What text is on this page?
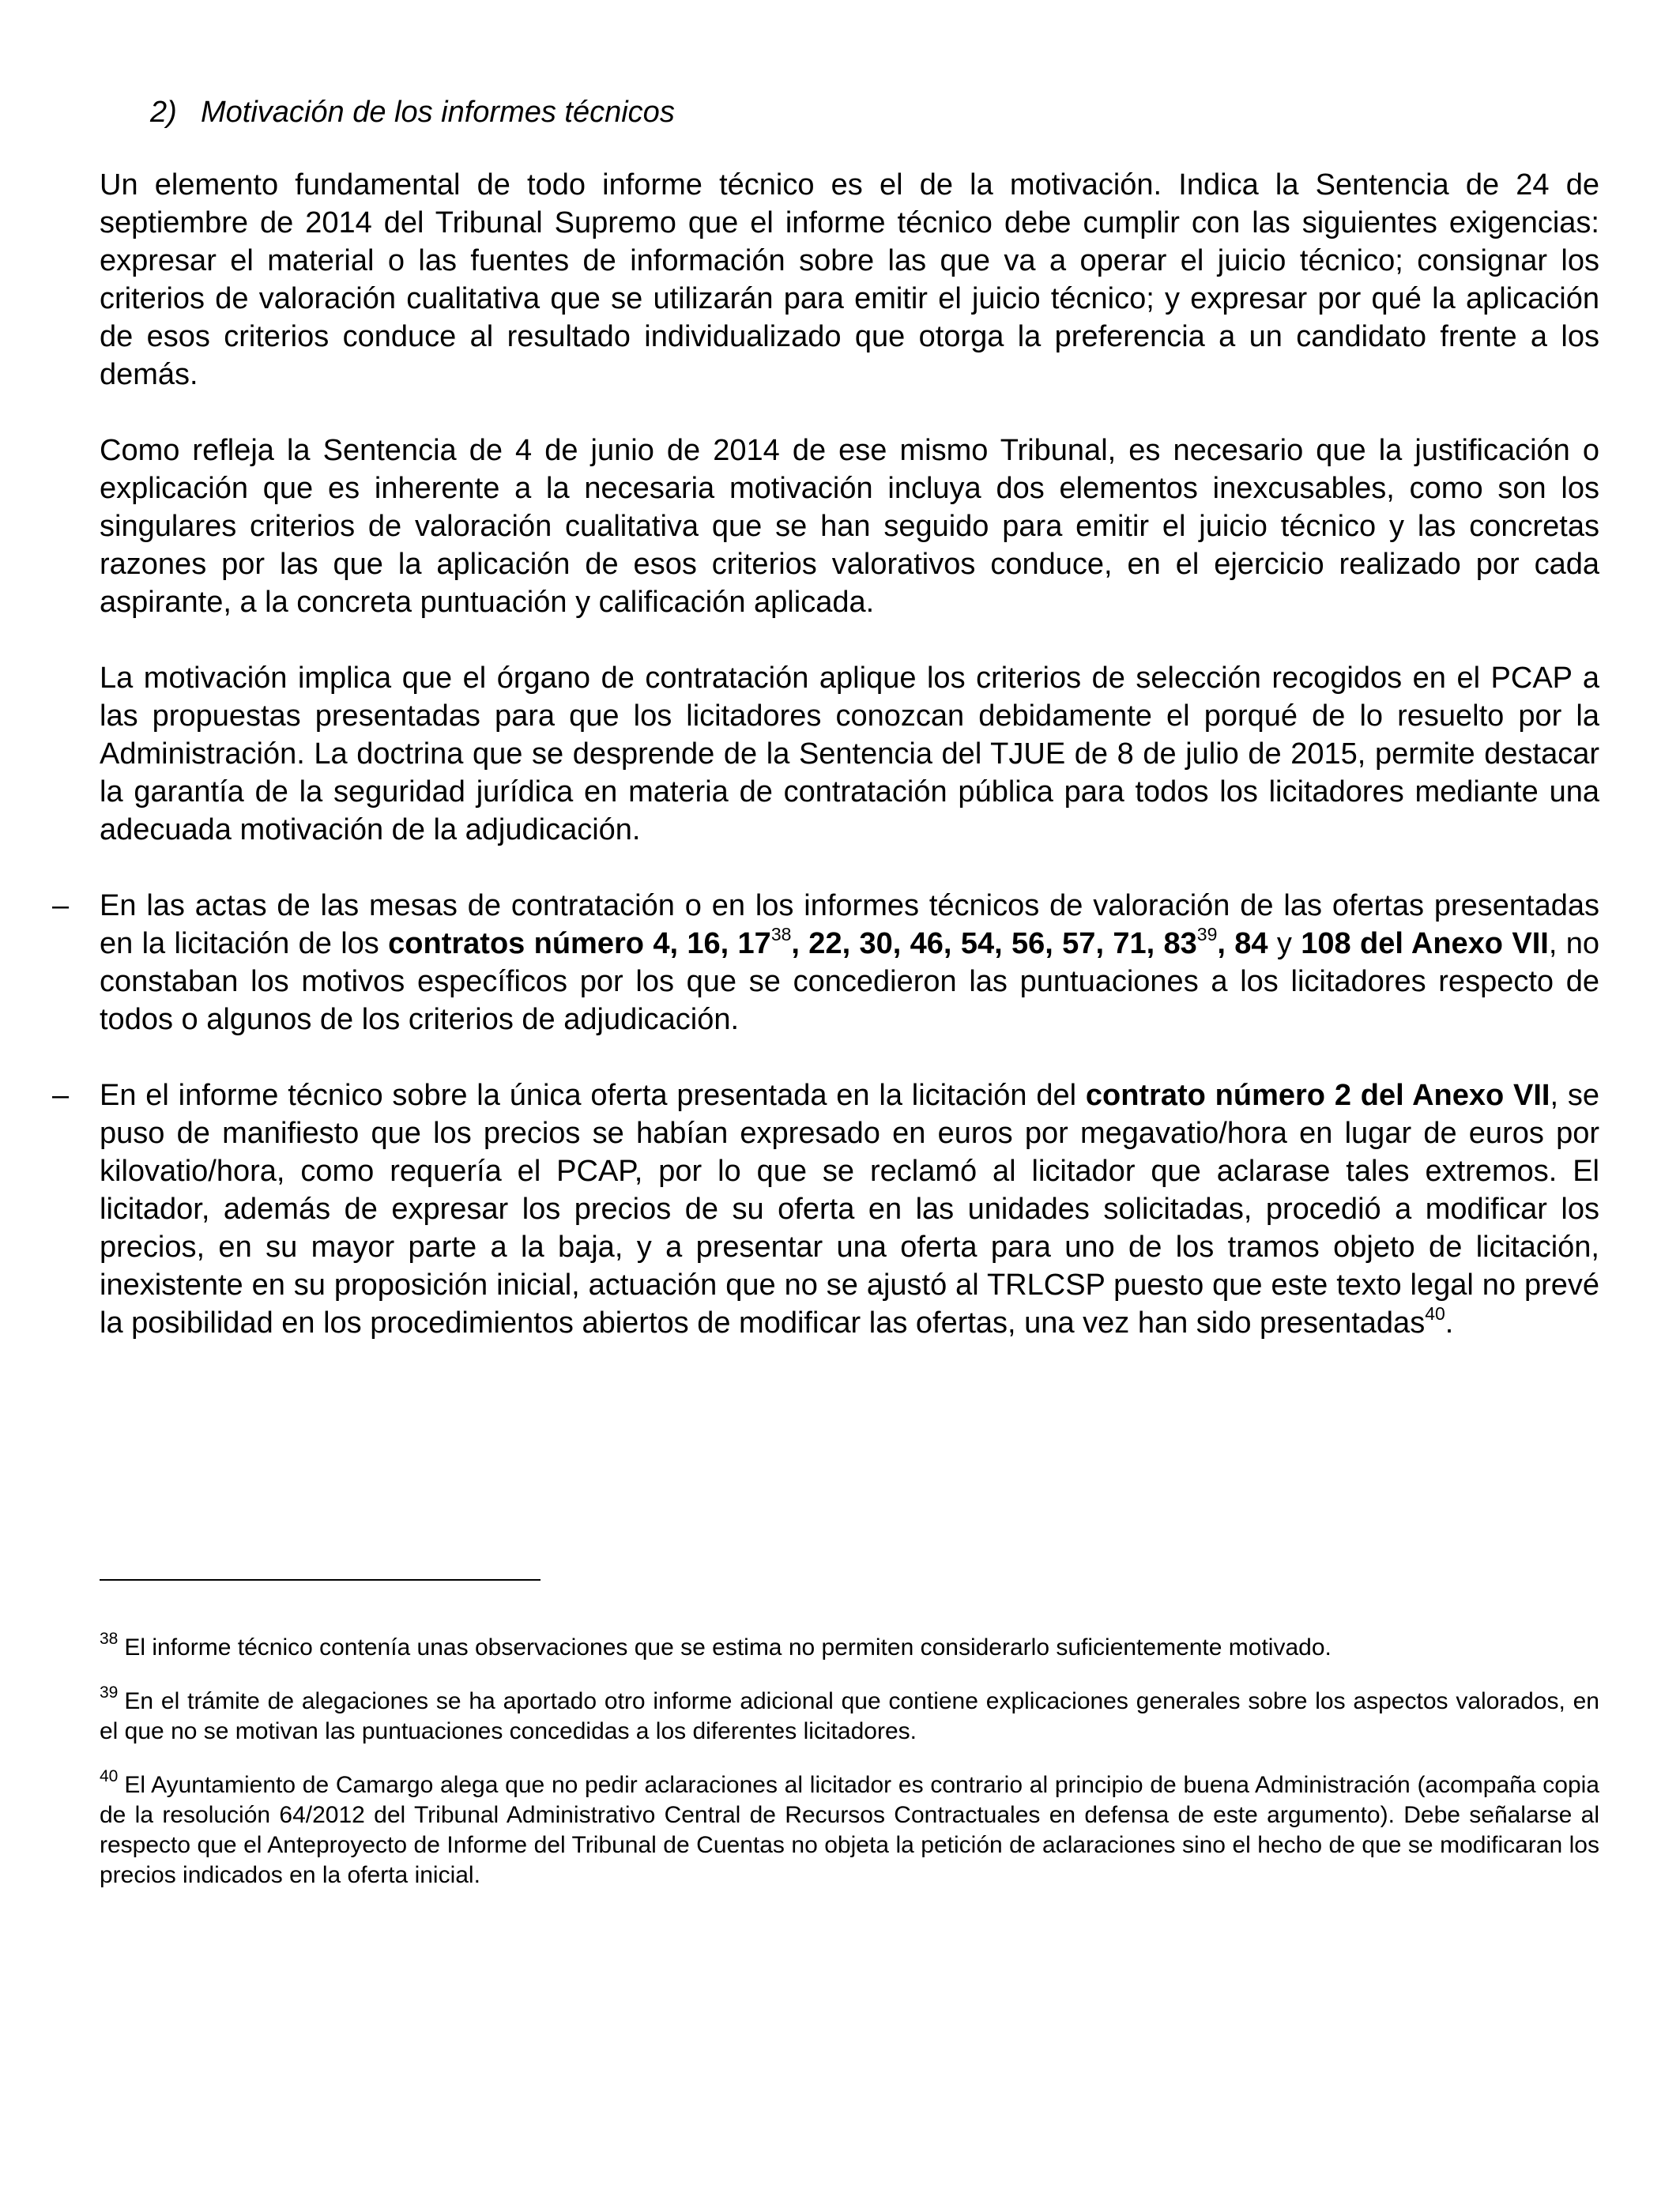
2) Motivación de los informes técnicos

Un elemento fundamental de todo informe técnico es el de la motivación. Indica la Sentencia de 24 de septiembre de 2014 del Tribunal Supremo que el informe técnico debe cumplir con las siguientes exigencias: expresar el material o las fuentes de información sobre las que va a operar el juicio técnico; consignar los criterios de valoración cualitativa que se utilizarán para emitir el juicio técnico; y expresar por qué la aplicación de esos criterios conduce al resultado individualizado que otorga la preferencia a un candidato frente a los demás.

Como refleja la Sentencia de 4 de junio de 2014 de ese mismo Tribunal, es necesario que la justificación o explicación que es inherente a la necesaria motivación incluya dos elementos inexcusables, como son los singulares criterios de valoración cualitativa que se han seguido para emitir el juicio técnico y las concretas razones por las que la aplicación de esos criterios valorativos conduce, en el ejercicio realizado por cada aspirante, a la concreta puntuación y calificación aplicada.

La motivación implica que el órgano de contratación aplique los criterios de selección recogidos en el PCAP a las propuestas presentadas para que los licitadores conozcan debidamente el porqué de lo resuelto por la Administración. La doctrina que se desprende de la Sentencia del TJUE de 8 de julio de 2015, permite destacar la garantía de la seguridad jurídica en materia de contratación pública para todos los licitadores mediante una adecuada motivación de la adjudicación.

– En las actas de las mesas de contratación o en los informes técnicos de valoración de las ofertas presentadas en la licitación de los contratos número 4, 16, $17^{38}$, 22, 30, 46, 54, 56, 57, 71, $83^{39}$, 84 y 108 del Anexo VII, no constaban los motivos específicos por los que se concedieron las puntuaciones a los licitadores respecto de todos o algunos de los criterios de adjudicación.

– En el informe técnico sobre la única oferta presentada en la licitación del contrato número 2 del Anexo VII, se puso de manifiesto que los precios se habían expresado en euros por megavatio/hora en lugar de euros por kilovatio/hora, como requería el PCAP, por lo que se reclamó al licitador que aclarase tales extremos. El licitador, además de expresar los precios de su oferta en las unidades solicitadas, procedió a modificar los precios, en su mayor parte a la baja, y a presentar una oferta para uno de los tramos objeto de licitación, inexistente en su proposición inicial, actuación que no se ajustó al TRLCSP puesto que este texto legal no prevé la posibilidad en los procedimientos abiertos de modificar las ofertas, una vez han sido presentadas$^{40}$.

$^{38}$ El informe técnico contenía unas observaciones que se estima no permiten considerarlo suficientemente motivado.

$^{39}$ En el trámite de alegaciones se ha aportado otro informe adicional que contiene explicaciones generales sobre los aspectos valorados, en el que no se motivan las puntuaciones concedidas a los diferentes licitadores.

$^{40}$ El Ayuntamiento de Camargo alega que no pedir aclaraciones al licitador es contrario al principio de buena Administración (acompaña copia de la resolución 64/2012 del Tribunal Administrativo Central de Recursos Contractuales en defensa de este argumento). Debe señalarse al respecto que el Anteproyecto de Informe del Tribunal de Cuentas no objeta la petición de aclaraciones sino el hecho de que se modificaran los precios indicados en la oferta inicial.
